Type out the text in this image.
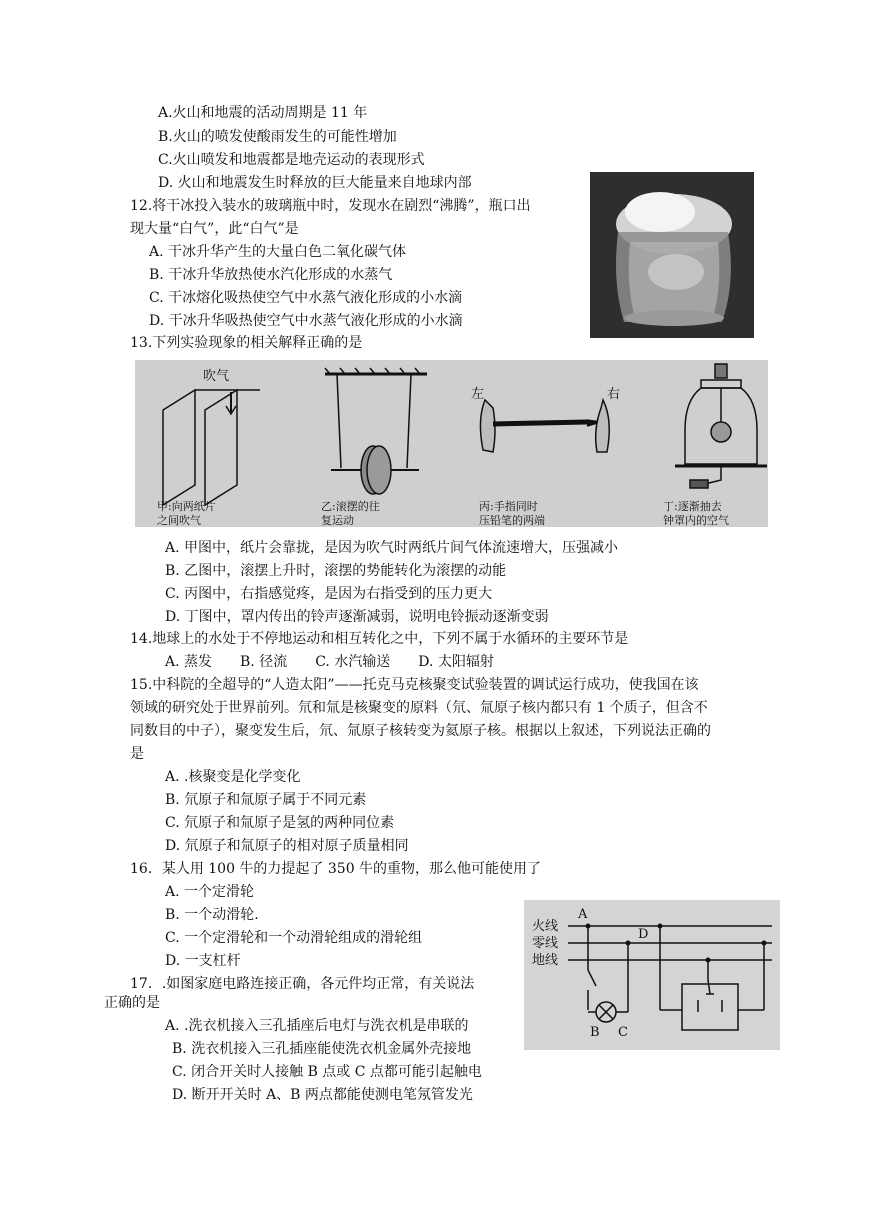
A.火山和地震的活动周期是 11 年
B.火山的喷发使酸雨发生的可能性增加
C.火山喷发和地震都是地壳运动的表现形式
D. 火山和地震发生时释放的巨大能量来自地球内部
12.将干冰投入装水的玻璃瓶中时，发现水在剧烈“沸腾”，瓶口出
现大量“白气”，此“白气”是
A. 干冰升华产生的大量白色二氧化碳气体
B. 干冰升华放热使水汽化形成的水蒸气
C. 干冰熔化吸热使空气中水蒸气液化形成的小水滴
D. 干冰升华吸热使空气中水蒸气液化形成的小水滴
13.下列实验现象的相关解释正确的是
吹气
甲:向两纸片
之间吹气
乙:滚摆的往
复运动
左	右
丙:手指同时
压铅笔的两端
丁:逐渐抽去
钟罩内的空气
A. 甲图中，纸片会靠拢，是因为吹气时两纸片间气体流速增大，压强减小
B. 乙图中，滚摆上升时，滚摆的势能转化为滚摆的动能
C. 丙图中，右指感觉疼，是因为右指受到的压力更大
D. 丁图中，罩内传出的铃声逐渐减弱，说明电铃振动逐渐变弱
14.地球上的水处于不停地运动和相互转化之中，下列不属于水循环的主要环节是
A. 蒸发　　B. 径流　　C. 水汽输送　　D. 太阳辐射
15.中科院的全超导的“人造太阳”——托克马克核聚变试验装置的调试运行成功，使我国在该
领域的研究处于世界前列。氘和氚是核聚变的原料（氘、氚原子核内都只有 1 个质子，但含不
同数目的中子），聚变发生后，氘、氚原子核转变为氦原子核。根据以上叙述，下列说法正确的
是
A. .核聚变是化学变化
B. 氘原子和氚原子属于不同元素
C. 氘原子和氚原子是氢的两种同位素
D. 氘原子和氚原子的相对原子质量相同
16．某人用 100 牛的力提起了 350 牛的重物，那么他可能使用了
A. 一个定滑轮
B. 一个动滑轮.
C. 一个定滑轮和一个动滑轮组成的滑轮组
D. 一支杠杆
火线
零线
地线
A
D
B C
17．.如图家庭电路连接正确，各元件均正常，有关说法
正确的是
A. .洗衣机接入三孔插座后电灯与洗衣机是串联的
B. 洗衣机接入三孔插座能使洗衣机金属外壳接地
C. 闭合开关时人接触 B 点或 C 点都可能引起触电
D. 断开开关时 A、B 两点都能使测电笔氖管发光
